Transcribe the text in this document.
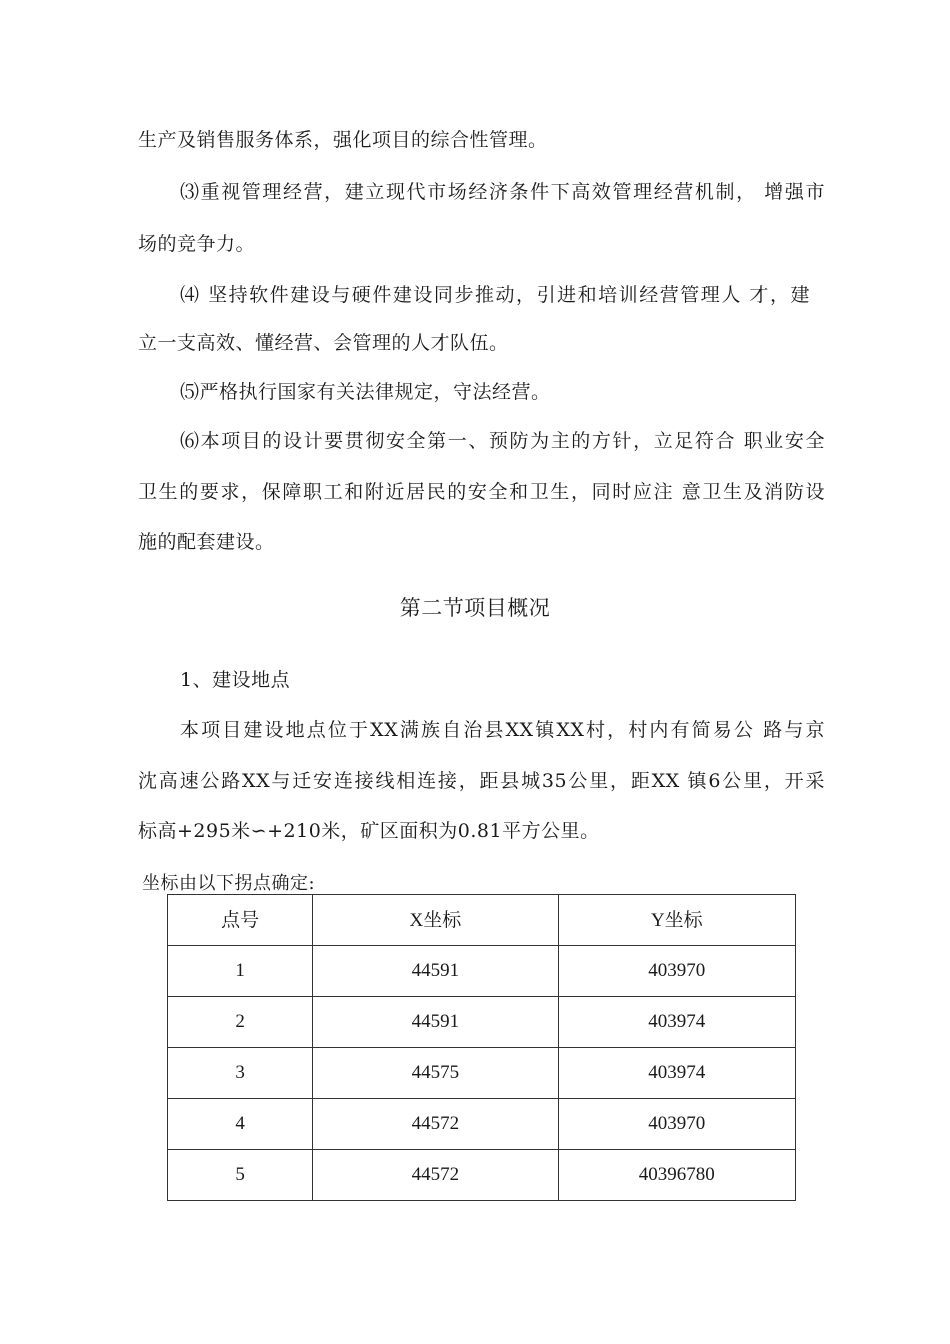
生产及销售服务体系，强化项目的综合性管理。
⑶重视管理经营，建立现代市场经济条件下高效管理经营机制， 增强市
场的竞争力。
⑷ 坚持软件建设与硬件建设同步推动，引进和培训经营管理人 才，建
立一支高效、懂经营、会管理的人才队伍。
⑸严格执行国家有关法律规定，守法经营。
⑹本项目的设计要贯彻安全第一、预防为主的方针，立足符合 职业安全
卫生的要求，保障职工和附近居民的安全和卫生，同时应注 意卫生及消防设
施的配套建设。
第二节项目概况
1、建设地点
本项目建设地点位于XX满族自治县XX镇XX村，村内有简易公 路与京
沈高速公路XX与迁安连接线相连接，距县城35公里，距XX 镇6公里，开采
标高+295米∽+210米，矿区面积为0.81平方公里。
坐标由以下拐点确定:
点号	X坐标	Y坐标
1	44591	403970
2	44591	403974
3	44575	403974
4	44572	403970
5	44572	40396780
